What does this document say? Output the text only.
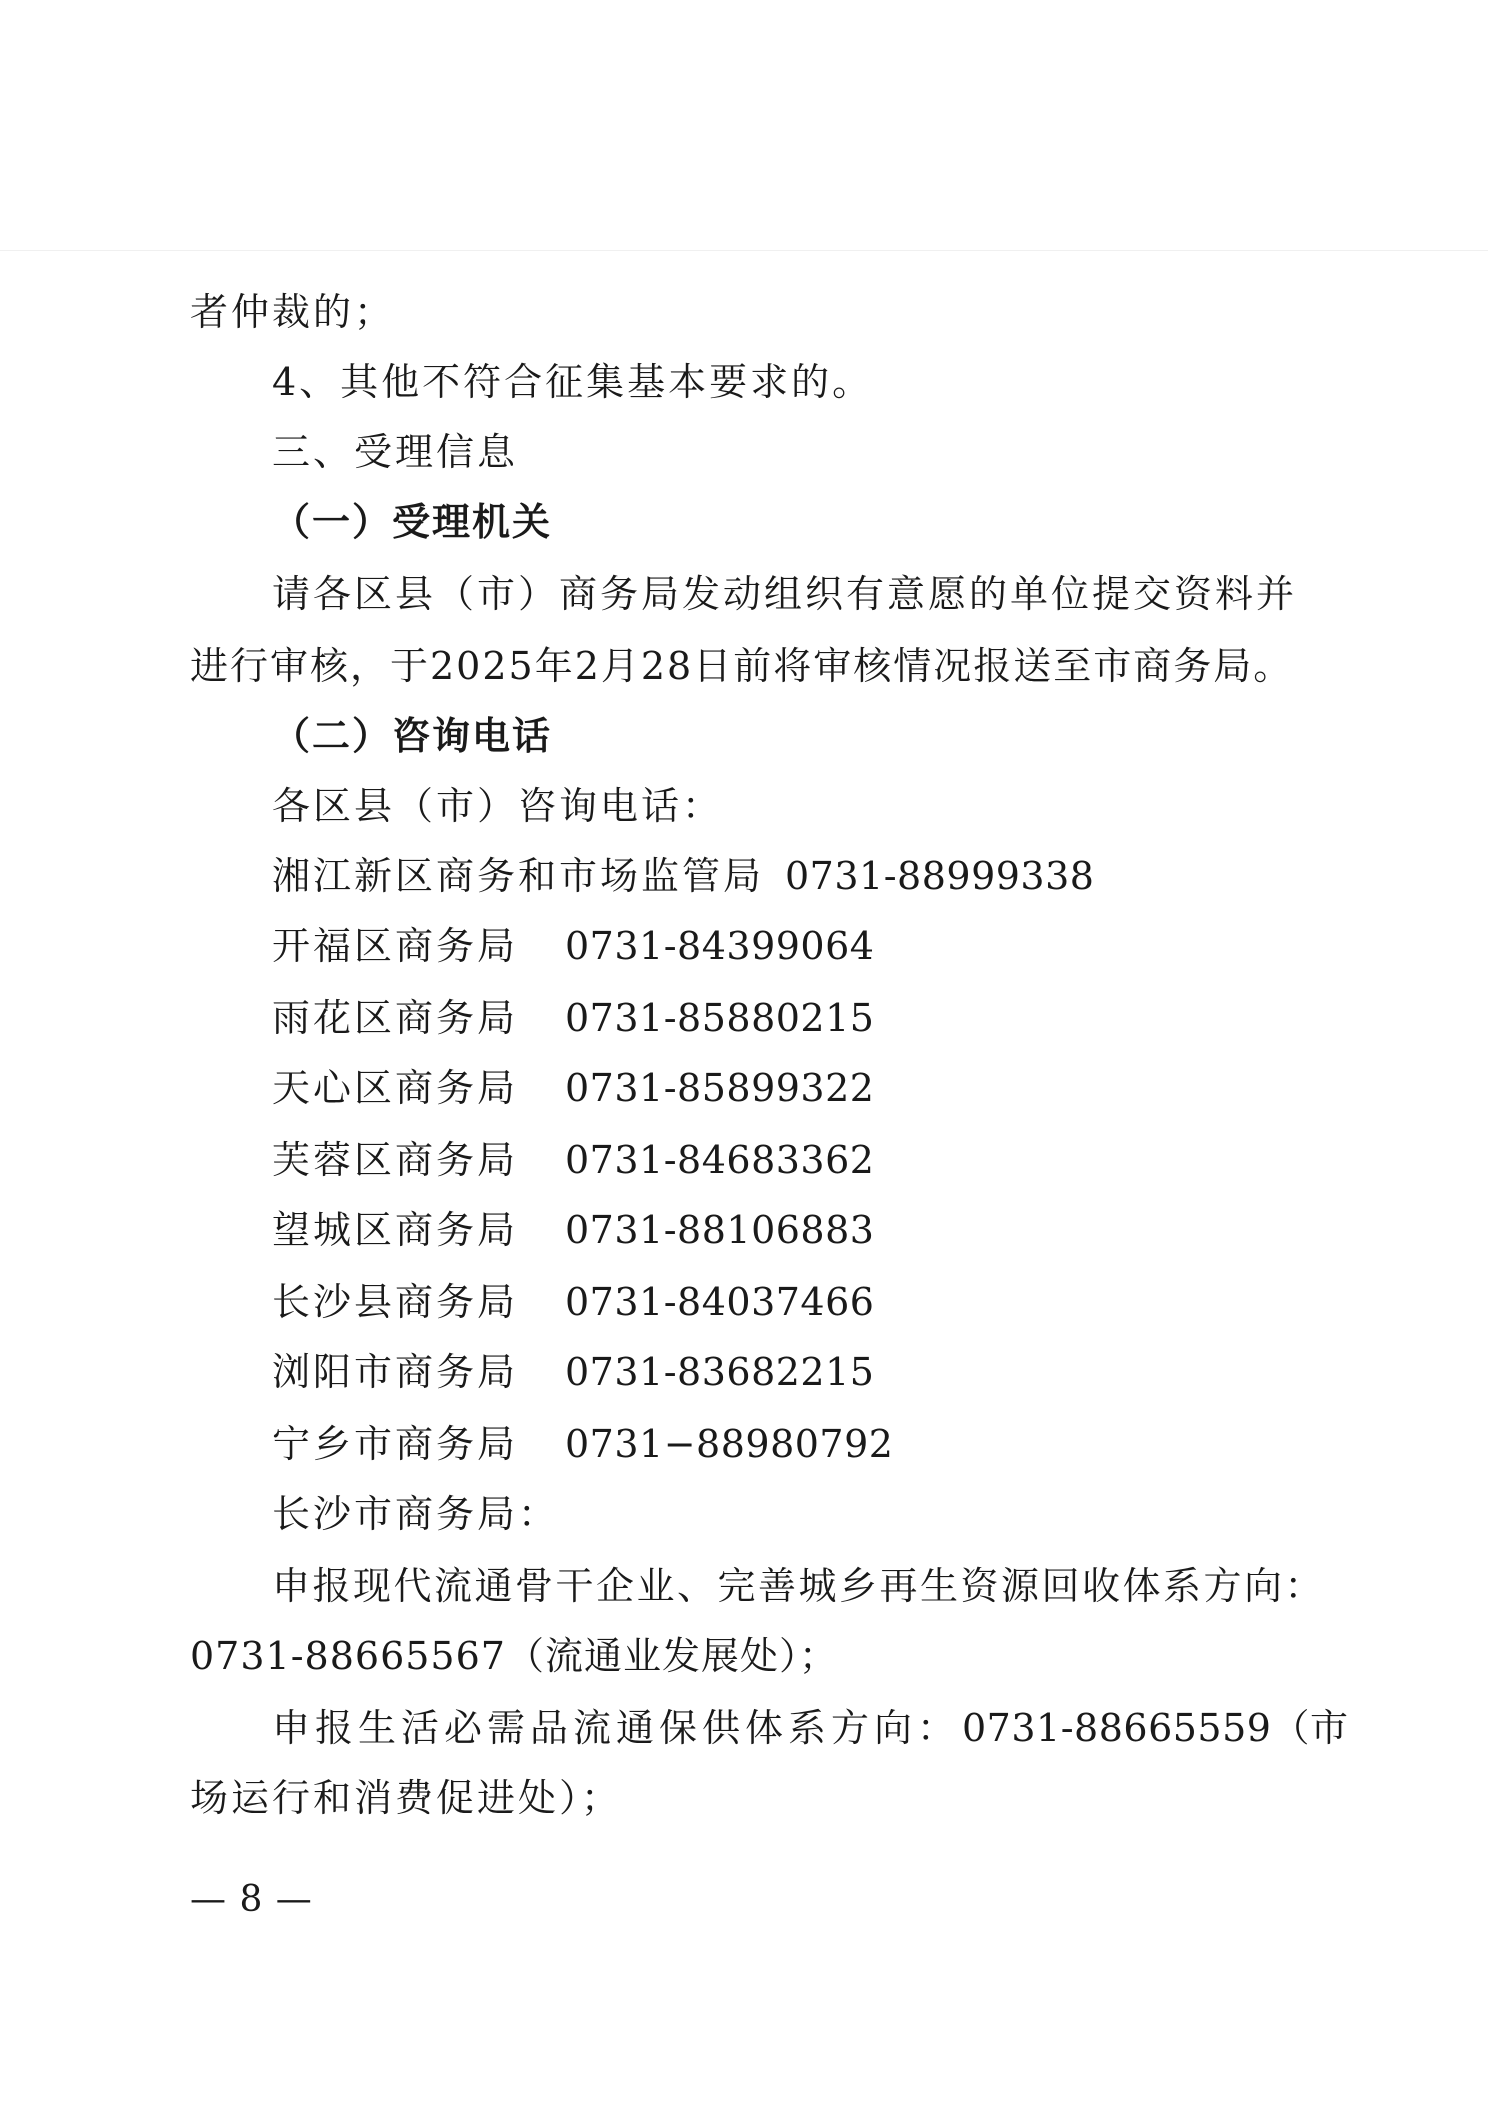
者仲裁的；
4、其他不符合征集基本要求的。
三、受理信息
（一）受理机关
请各区县（市）商务局发动组织有意愿的单位提交资料并
进行审核，于2025年2月28日前将审核情况报送至市商务局。
（二）咨询电话
各区县（市）咨询电话：
湘江新区商务和市场监管局 0731-88999338
开福区商务局 0731-84399064
雨花区商务局 0731-85880215
天心区商务局 0731-85899322
芙蓉区商务局 0731-84683362
望城区商务局 0731-88106883
长沙县商务局 0731-84037466
浏阳市商务局 0731-83682215
宁乡市商务局 0731−88980792
长沙市商务局：
申报现代流通骨干企业、完善城乡再生资源回收体系方向：
0731-88665567（流通业发展处）；
申报生活必需品流通保供体系方向： 0731-88665559（市
场运行和消费促进处）；
— 8 —
